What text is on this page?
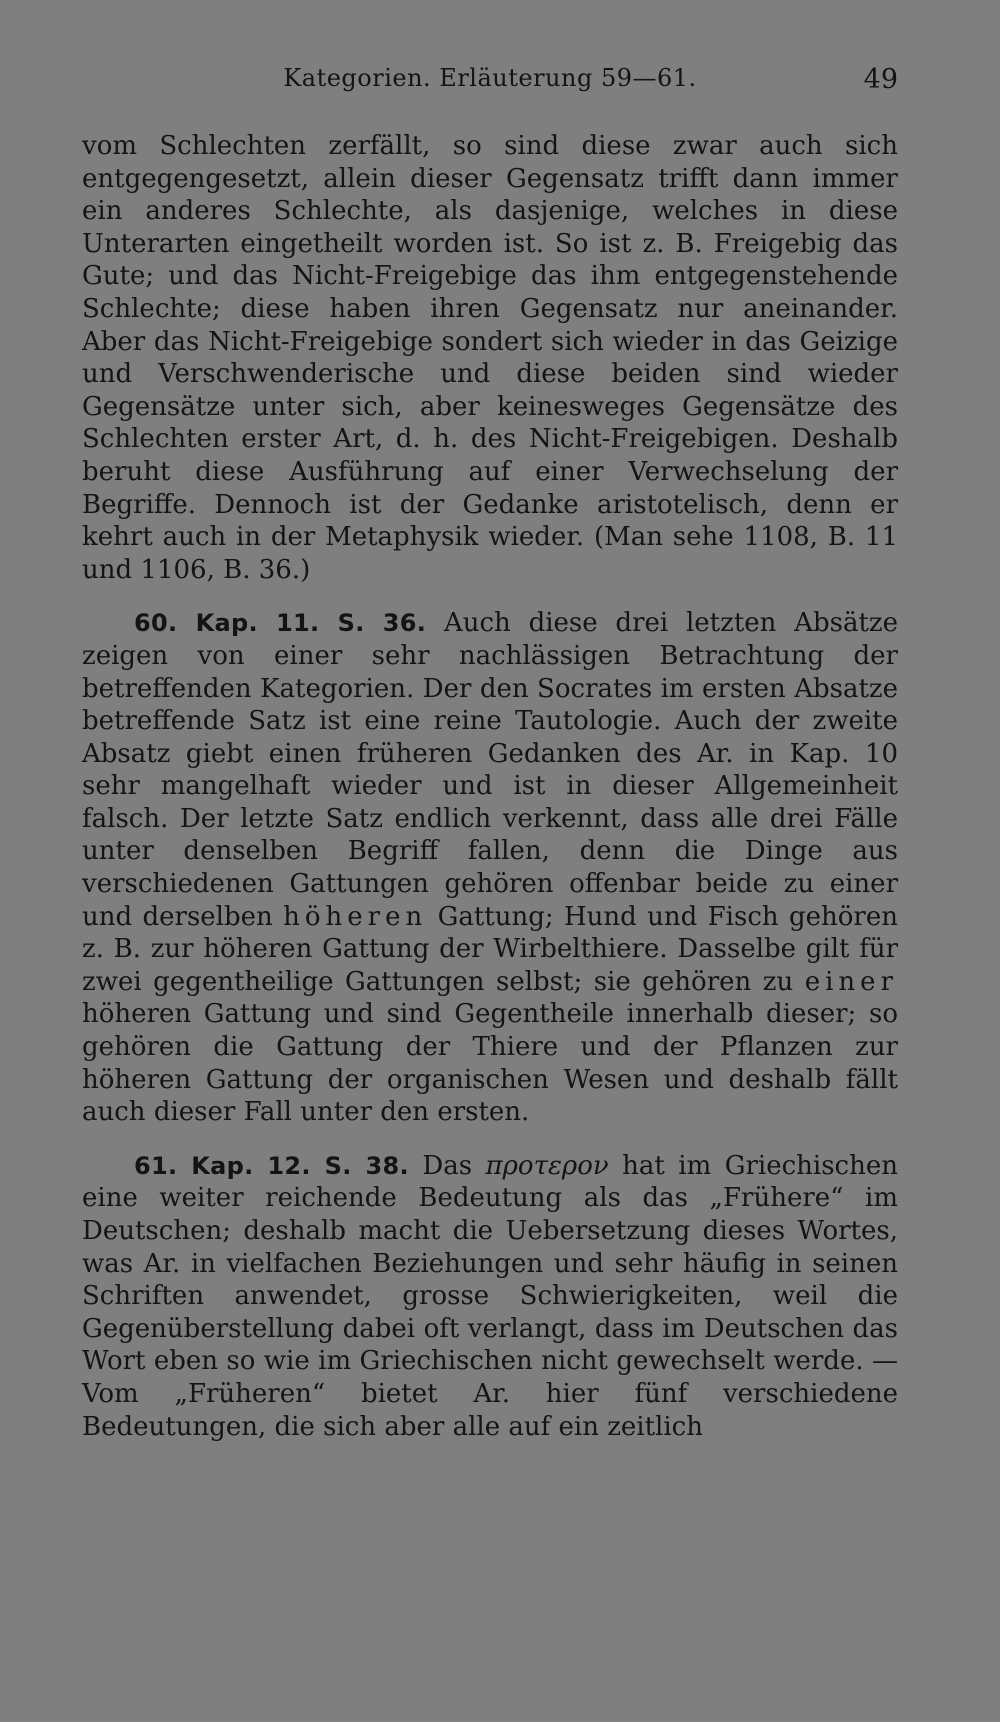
Kategorien. Erläuterung 59—61.	49

vom Schlechten zerfällt, so sind diese zwar auch sich entgegengesetzt, allein dieser Gegensatz trifft dann immer ein anderes Schlechte, als dasjenige, welches in diese Unterarten eingetheilt worden ist. So ist z. B. Freigebig das Gute; und das Nicht-Freigebige das ihm entgegenstehende Schlechte; diese haben ihren Gegensatz nur aneinander. Aber das Nicht-Freigebige sondert sich wieder in das Geizige und Verschwenderische und diese beiden sind wieder Gegensätze unter sich, aber keinesweges Gegensätze des Schlechten erster Art, d. h. des Nicht-Freigebigen. Deshalb beruht diese Ausführung auf einer Verwechselung der Begriffe. Dennoch ist der Gedanke aristotelisch, denn er kehrt auch in der Metaphysik wieder. (Man sehe 1108, B. 11 und 1106, B. 36.)

60. Kap. 11. S. 36. Auch diese drei letzten Absätze zeigen von einer sehr nachlässigen Betrachtung der betreffenden Kategorien. Der den Socrates im ersten Absatze betreffende Satz ist eine reine Tautologie. Auch der zweite Absatz giebt einen früheren Gedanken des Ar. in Kap. 10 sehr mangelhaft wieder und ist in dieser Allgemeinheit falsch. Der letzte Satz endlich verkennt, dass alle drei Fälle unter denselben Begriff fallen, denn die Dinge aus verschiedenen Gattungen gehören offenbar beide zu einer und derselben höheren Gattung; Hund und Fisch gehören z. B. zur höheren Gattung der Wirbelthiere. Dasselbe gilt für zwei gegentheilige Gattungen selbst; sie gehören zu einer höheren Gattung und sind Gegentheile innerhalb dieser; so gehören die Gattung der Thiere und der Pflanzen zur höheren Gattung der organischen Wesen und deshalb fällt auch dieser Fall unter den ersten.

61. Kap. 12. S. 38. Das πρoτερoν hat im Griechischen eine weiter reichende Bedeutung als das „Frühere“ im Deutschen; deshalb macht die Uebersetzung dieses Wortes, was Ar. in vielfachen Beziehungen und sehr häufig in seinen Schriften anwendet, grosse Schwierigkeiten, weil die Gegenüberstellung dabei oft verlangt, dass im Deutschen das Wort eben so wie im Griechischen nicht gewechselt werde. — Vom „Früheren“ bietet Ar. hier fünf verschiedene Bedeutungen, die sich aber alle auf ein zeitlich
